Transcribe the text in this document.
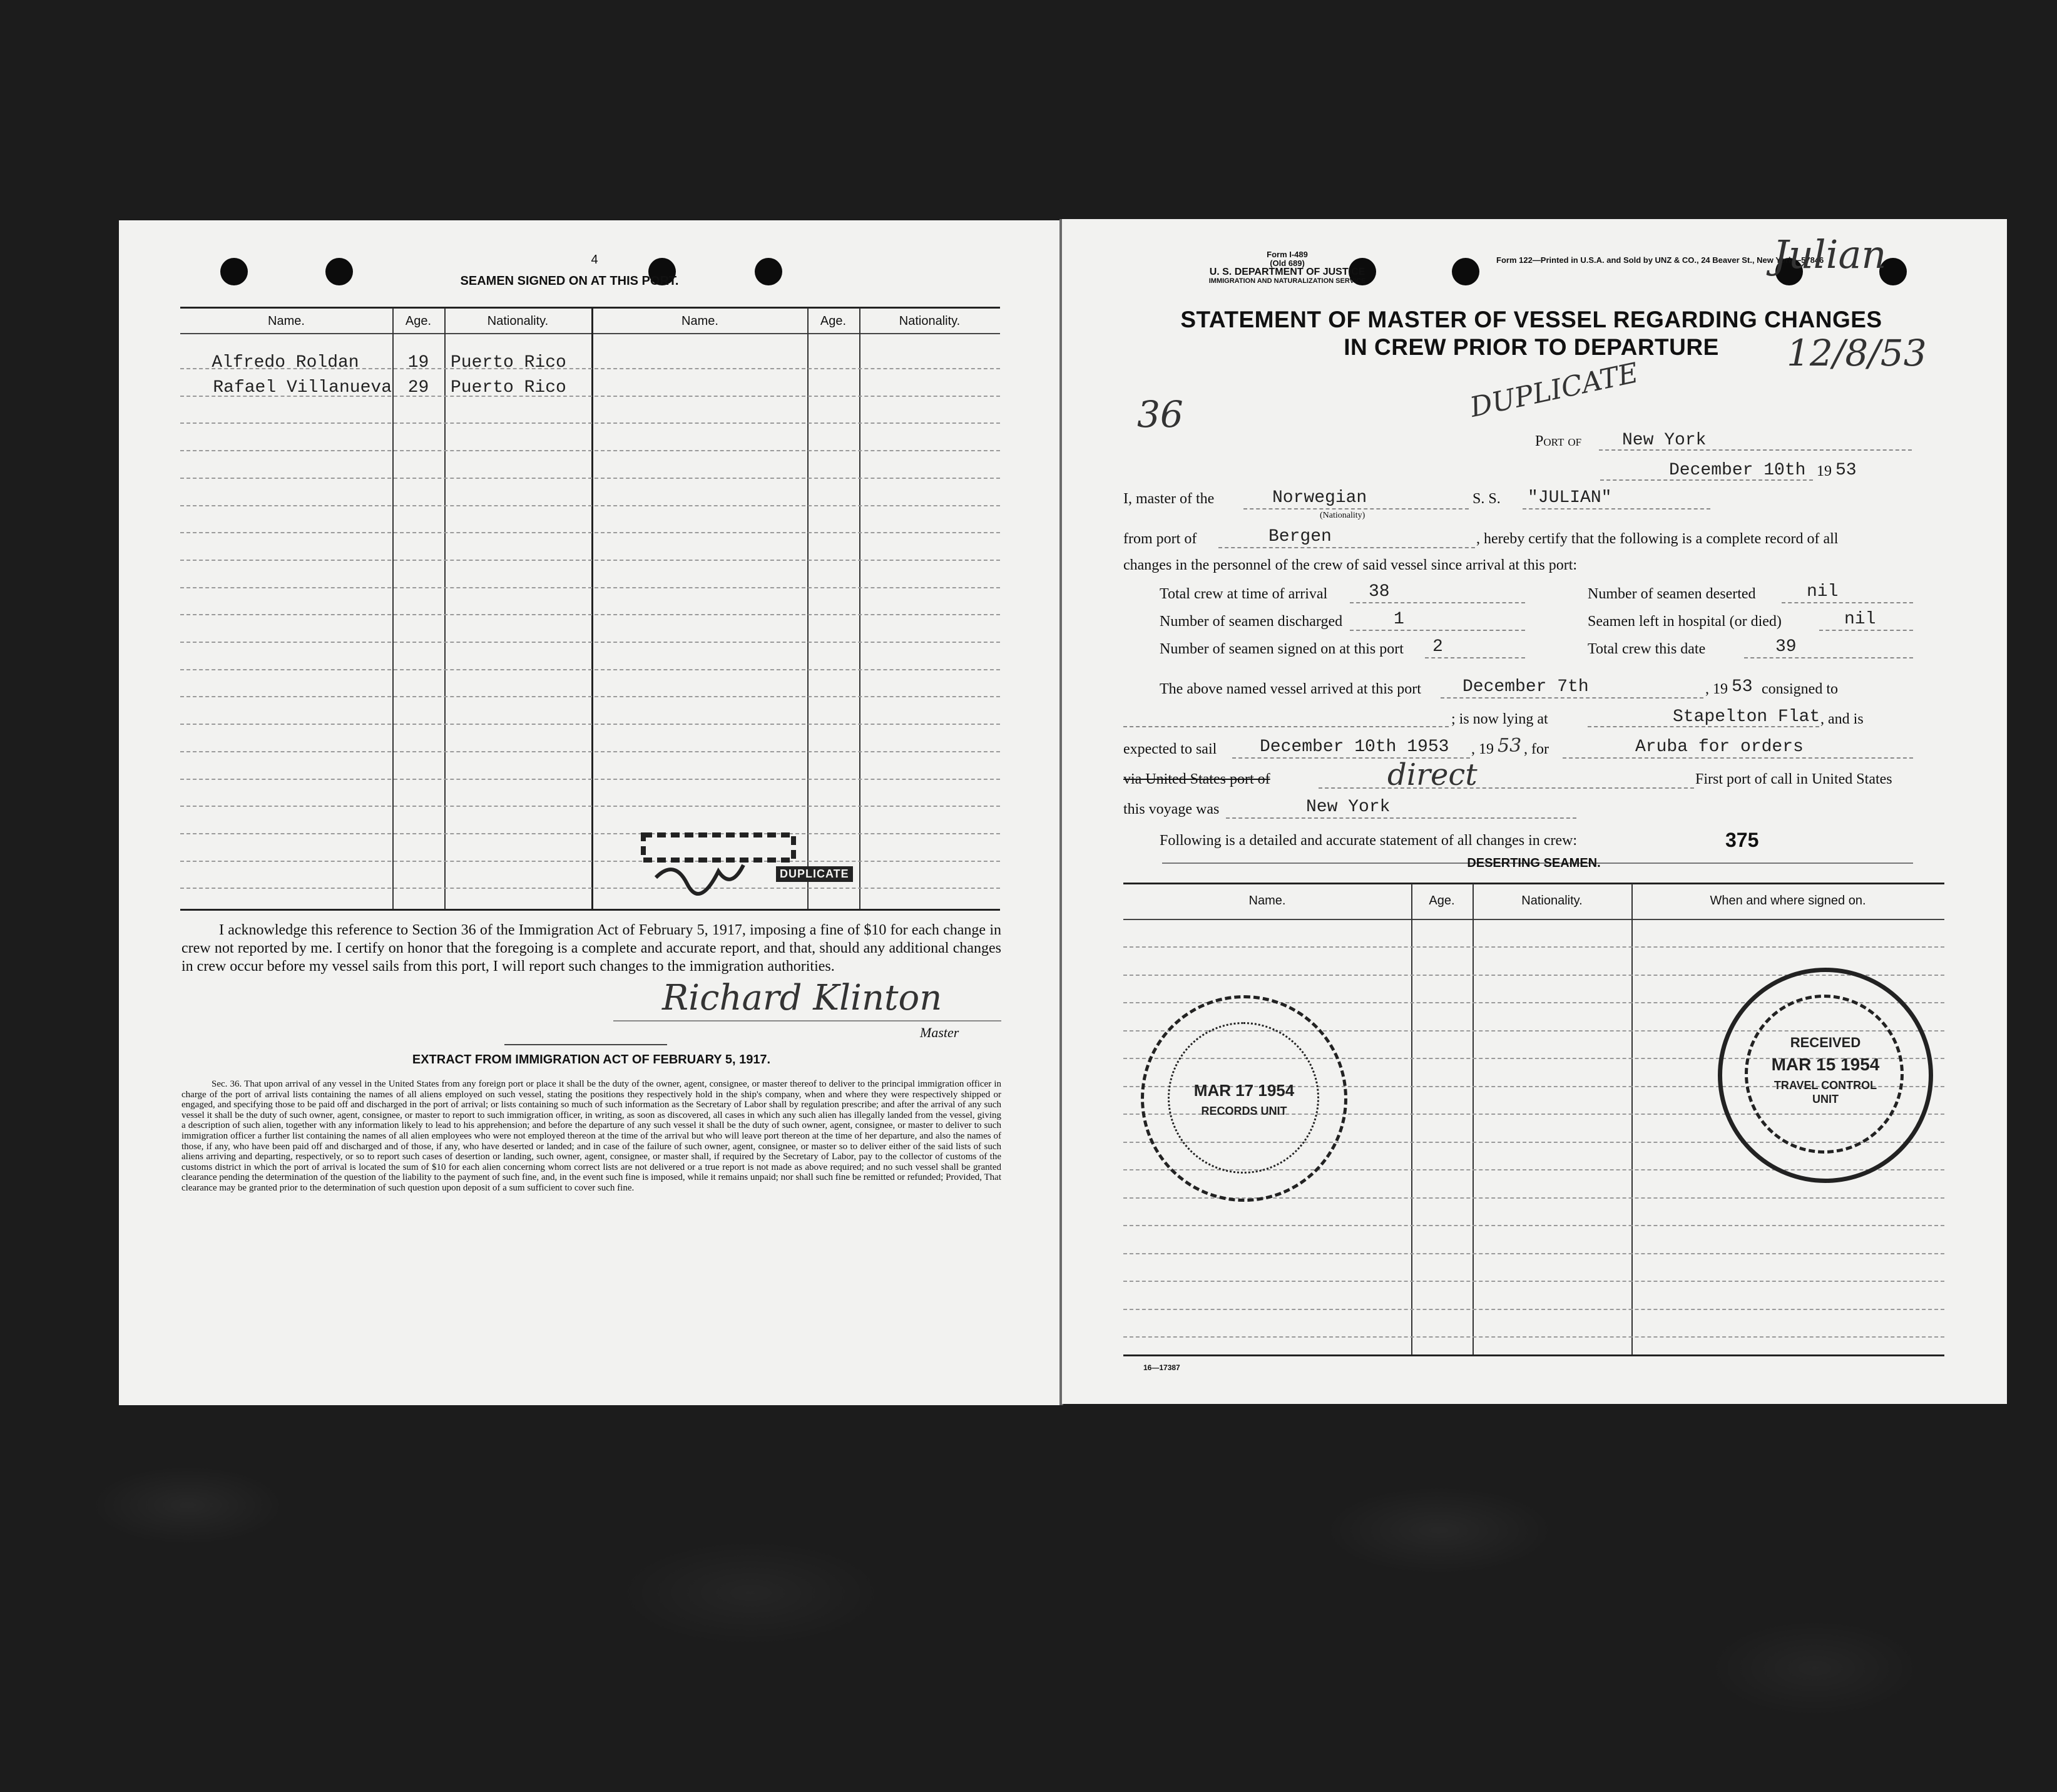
4
SEAMEN SIGNED ON AT THIS PORT.
Name.	Age.	Nationality.	Name.	Age.	Nationality.
Alfredo Roldan	19	Puerto Rico
Rafael Villanueva 29	Puerto Rico
DUPLICATE
I acknowledge this reference to Section 36 of the Immigration Act of February 5, 1917, imposing a fine of $10 for each change in crew not reported by me. I certify on honor that the foregoing is a complete and accurate report, and that, should any additional changes in crew occur before my vessel sails from this port, I will report such changes to the immigration authorities.
Richard Klinton
Master
EXTRACT FROM IMMIGRATION ACT OF FEBRUARY 5, 1917.
Sec. 36. That upon arrival of any vessel in the United States from any foreign port or place it shall be the duty of the owner, agent, consignee, or master thereof to deliver to the principal immigration officer in charge of the port of arrival lists containing the names of all aliens employed on such vessel, stating the positions they respectively hold in the ship's company, when and where they were respectively shipped or engaged, and specifying those to be paid off and discharged in the port of arrival; or lists containing so much of such information as the Secretary of Labor shall by regulation prescribe; and after the arrival of any such vessel it shall be the duty of such owner, agent, consignee, or master to report to such immigration officer, in writing, as soon as discovered, all cases in which any such alien has illegally landed from the vessel, giving a description of such alien, together with any information likely to lead to his apprehension; and before the departure of any such vessel it shall be the duty of such owner, agent, consignee, or master to deliver to such immigration officer a further list containing the names of all alien employees who were not employed thereon at the time of the arrival but who will leave port thereon at the time of her departure, and also the names of those, if any, who have been paid off and discharged and of those, if any, who have deserted or landed; and in case of the failure of such owner, agent, consignee, or master so to deliver either of the said lists of such aliens arriving and departing, respectively, or so to report such cases of desertion or landing, such owner, agent, consignee, or master shall, if required by the Secretary of Labor, pay to the collector of customs of the customs district in which the port of arrival is located the sum of $10 for each alien concerning whom correct lists are not delivered or a true report is not made as above required; and no such vessel shall be granted clearance pending the determination of the question of the liability to the payment of such fine, and, in the event such fine is imposed, while it remains unpaid; nor shall such fine be remitted or refunded; Provided, That clearance may be granted prior to the determination of such question upon deposit of a sum sufficient to cover such fine.
Form I-489
(Old 689)
U. S. DEPARTMENT OF JUSTICE
IMMIGRATION AND NATURALIZATION SERVICE
Form 122—Printed in U.S.A. and Sold by UNZ & CO., 24 Beaver St., New York—57846
Julian
STATEMENT OF MASTER OF VESSEL REGARDING CHANGES
IN CREW PRIOR TO DEPARTURE	12/8/53
DUPLICATE
36
Port of New York
December 10th 19 53
I, master of the	Norwegian
(Nationality)
S. S. "JULIAN"
from port of	Bergen	, hereby certify that the following is a complete record of all
changes in the personnel of the crew of said vessel since arrival at this port:
Total crew at time of arrival 38	Number of seamen deserted	nil
Number of seamen discharged	1	Seamen left in hospital (or died)	nil
Number of seamen signed on at this port 2	Total crew this date	39
The above named vessel arrived at this port December 7th	, 19 53 consigned to
; is now lying at	Stapelton Flat , and is
expected to sail December 10th 1953 , 19 53 , for	Aruba for orders
via United States port of	direct	First port of call in United States
this voyage was	New York
Following is a detailed and accurate statement of all changes in crew:	375
DESERTING SEAMEN.
Name.	Age.	Nationality.	When and where signed on.
16—17387
MAR 17 1954
RECORDS UNIT
RECEIVED
MAR 15 1954
TRAVEL CONTROL UNIT
